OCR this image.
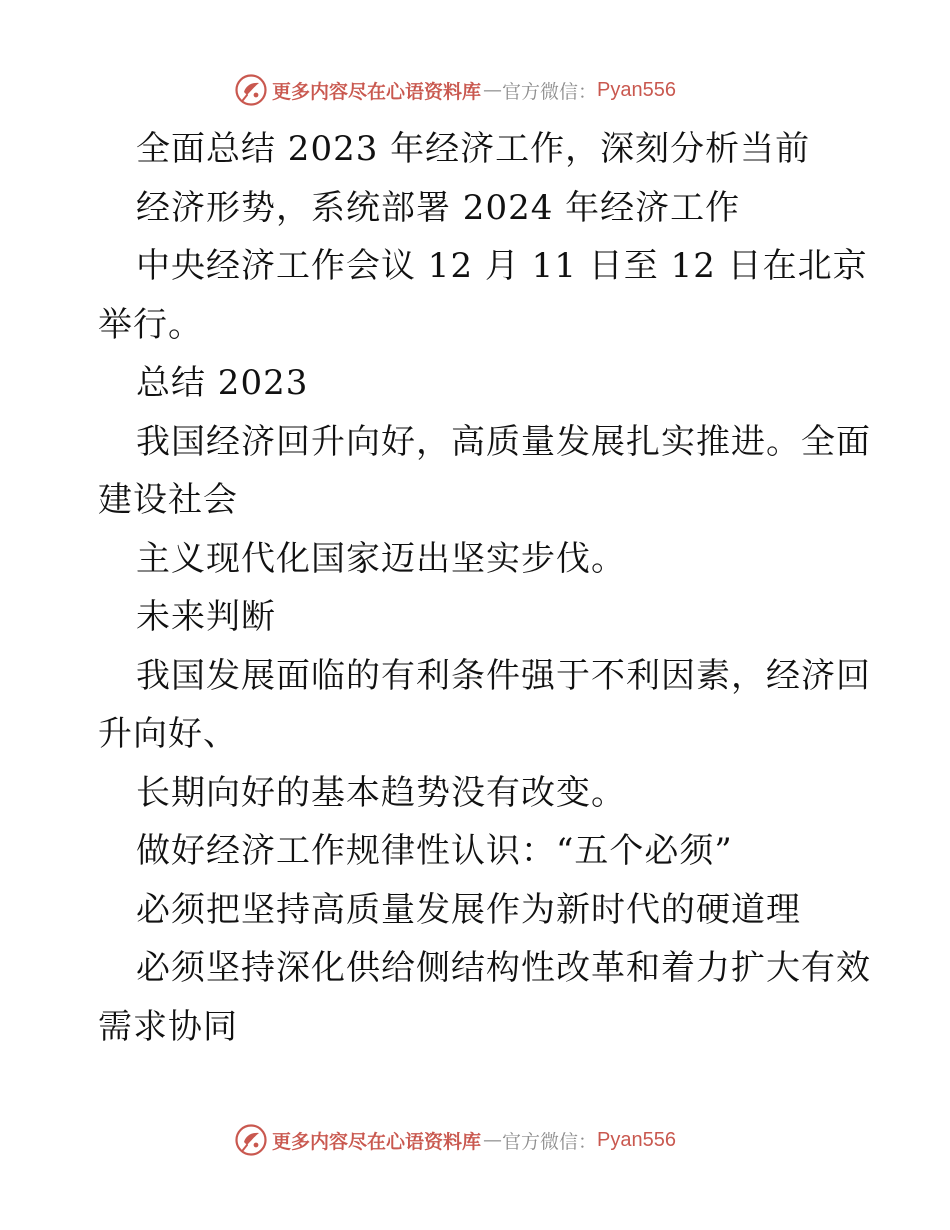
更多内容尽在心语资料库 — 官方微信： Pyan556
全面总结 2023 年经济工作，深刻分析当前
经济形势，系统部署 2024 年经济工作
中央经济工作会议 12 月 11 日至 12 日在北京
举行。
总结 2023
我国经济回升向好，高质量发展扎实推进。全面
建设社会
主义现代化国家迈出坚实步伐。
未来判断
我国发展面临的有利条件强于不利因素，经济回
升向好、
长期向好的基本趋势没有改变。
做好经济工作规律性认识：“五个必须”
必须把坚持高质量发展作为新时代的硬道理
必须坚持深化供给侧结构性改革和着力扩大有效
需求协同
更多内容尽在心语资料库 — 官方微信： Pyan556
